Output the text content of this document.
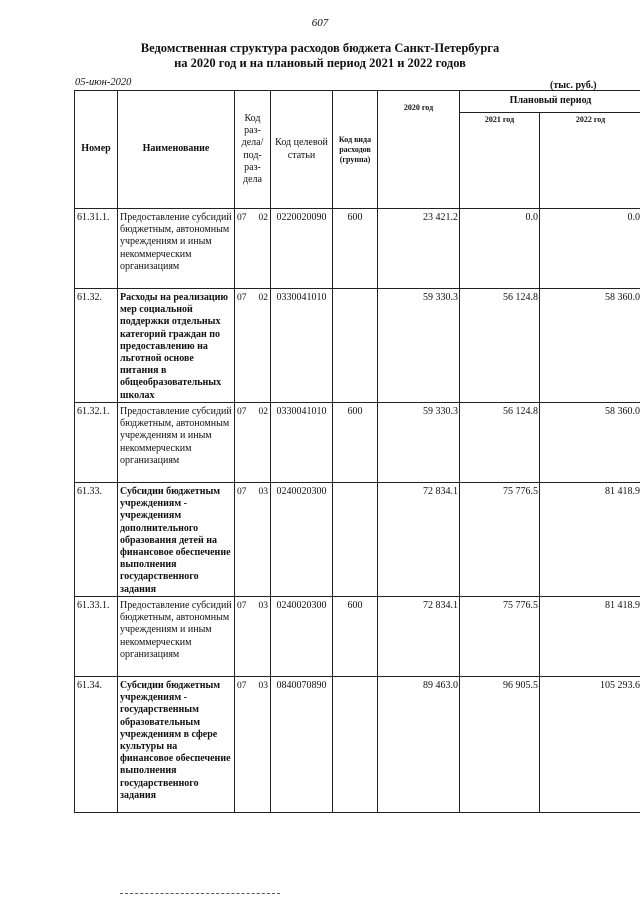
607
Ведомственная структура расходов бюджета Санкт-Петербурга
на 2020 год и на плановый период 2021 и 2022 годов
05-июн-2020	(тыс. руб.)
Номер	Наименование	Код раз- дела/ под- раз- дела	Код целевой статьи	Код вида расходов (группа)	2020 год	Плановый период	
						2021 год	2022 год
61.31.1.	Предоставление субсидий бюджетным, автономным учреждениям и иным некоммерческим организациям	07 02	0220020090	600	23 421.2	0.0	0.0
61.32.	Расходы на реализацию мер социальной поддержки отдельных категорий граждан по предоставлению на льготной основе питания в общеобразовательных школах	07 02	0330041010		59 330.3	56 124.8	58 360.0
61.32.1.	Предоставление субсидий бюджетным, автономным учреждениям и иным некоммерческим организациям	07 02	0330041010	600	59 330.3	56 124.8	58 360.0
61.33.	Субсидии бюджетным учреждениям - учреждениям дополнительного образования детей на финансовое обеспечение выполнения государственного задания	07 03	0240020300		72 834.1	75 776.5	81 418.9
61.33.1.	Предоставление субсидий бюджетным, автономным учреждениям и иным некоммерческим организациям	07 03	0240020300	600	72 834.1	75 776.5	81 418.9
61.34.	Субсидии бюджетным учреждениям - государственным образовательным учреждениям в сфере культуры на финансовое обеспечение выполнения государственного задания	07 03	0840070890		89 463.0	96 905.5	105 293.6
